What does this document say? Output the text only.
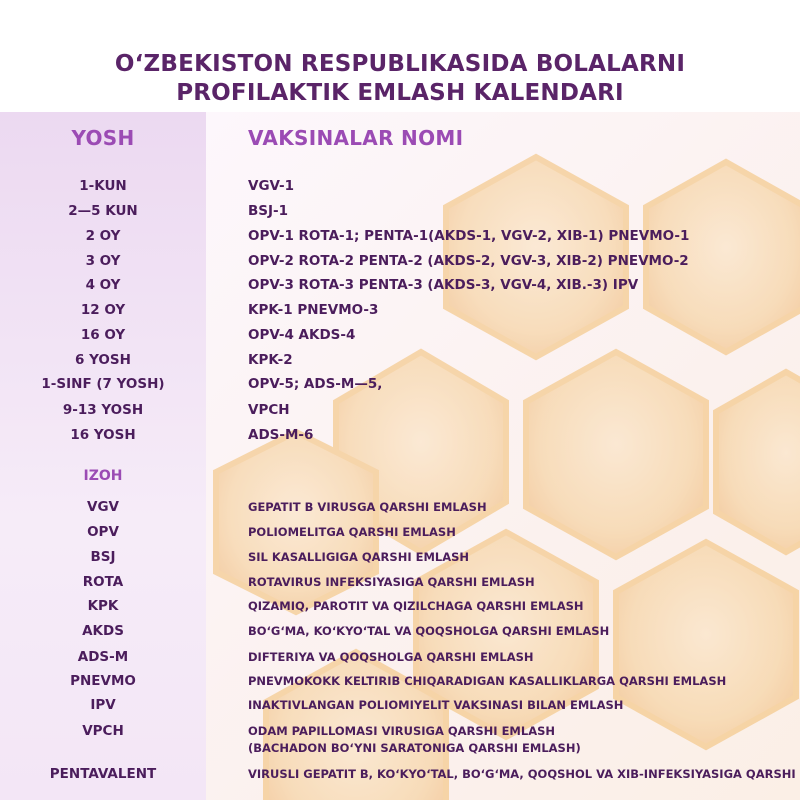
O‘ZBEKISTON RESPUBLIKASIDA BOLALARNI
PROFILAKTIK EMLASH KALENDARI
YOSH	VAKSINALAR NOMI
1-KUN	VGV-1
2—5 KUN	BSJ-1
2 OY	OPV-1 ROTA-1; PENTA-1(AKDS-1, VGV-2, XIB-1) PNEVMO-1
3 OY	OPV-2 ROTA-2 PENTA-2 (AKDS-2, VGV-3, XIB-2) PNEVMO-2
4 OY	OPV-3 ROTA-3 PENTA-3 (AKDS-3, VGV-4, XIB.-3) IPV
12 OY	KPK-1 PNEVMO-3
16 OY	OPV-4 AKDS-4
6 YOSH	KPK-2
1-SINF (7 YOSH)	OPV-5; ADS-M—5,
9-13 YOSH	VPCH
16 YOSH	ADS-M-6
IZOH
VGV	GEPATIT B VIRUSGA QARSHI EMLASH
OPV	POLIOMELITGA QARSHI EMLASH
BSJ	SIL KASALLIGIGA QARSHI EMLASH
ROTA	ROTAVIRUS INFEKSIYASIGA QARSHI EMLASH
KPK	QIZAMIQ, PAROTIT VA QIZILCHAGA QARSHI EMLASH
AKDS	BO‘G‘MA, KO‘KYO‘TAL VA QOQSHOLGA QARSHI EMLASH
ADS-M	DIFTERIYA VA QOQSHOLGA QARSHI EMLASH
PNEVMO	PNEVMOKOKK KELTIRIB CHIQARADIGAN KASALLIKLARGA QARSHI EMLASH
IPV	INAKTIVLANGAN POLIOMIYELIT VAKSINASI BILAN EMLASH
VPCH	ODAM PAPILLOMASI VIRUSIGA QARSHI EMLASH
(BACHADON BO‘YNI SARATONIGA QARSHI EMLASH)
PENTAVALENT	VIRUSLI GEPATIT B, KO‘KYO‘TAL, BO‘G‘MA, QOQSHOL VA XIB-INFEKSIYASIGA QARSHI
